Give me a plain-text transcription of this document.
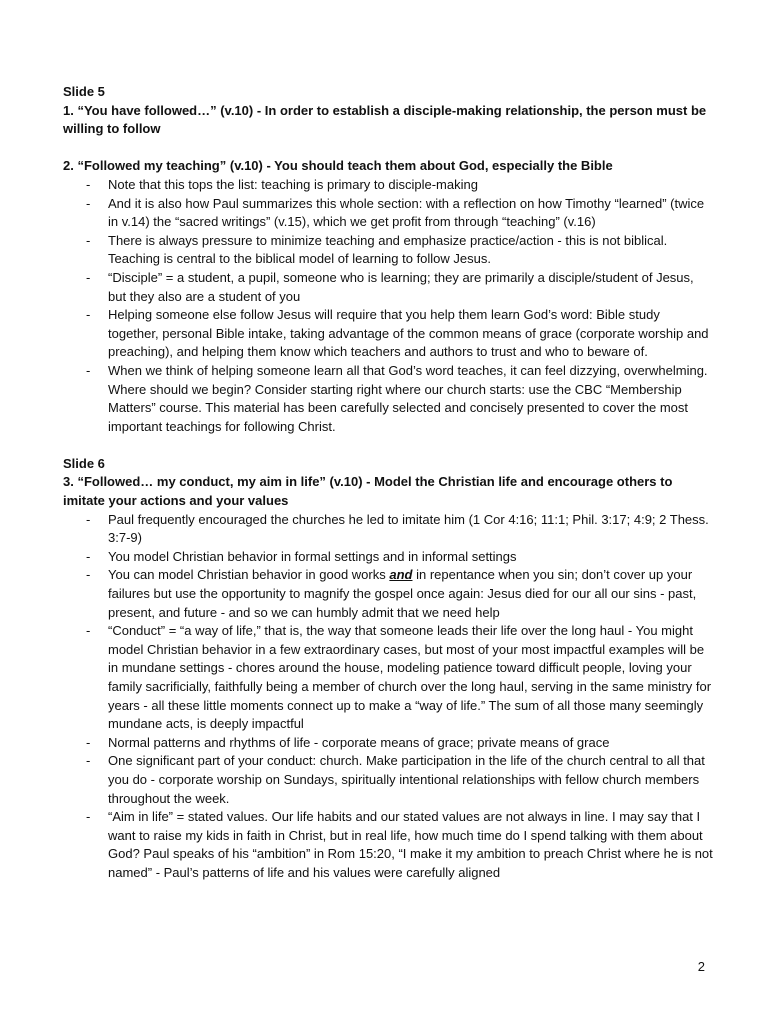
Slide 5

1. “You have followed…” (v.10) - In order to establish a disciple-making relationship, the person must be willing to follow

2. “Followed my teaching” (v.10) - You should teach them about God, especially the Bible

- Note that this tops the list: teaching is primary to disciple-making
- And it is also how Paul summarizes this whole section: with a reflection on how Timothy “learned” (twice in v.14) the “sacred writings” (v.15), which we get profit from through “teaching” (v.16)
- There is always pressure to minimize teaching and emphasize practice/action - this is not biblical. Teaching is central to the biblical model of learning to follow Jesus.
- “Disciple” = a student, a pupil, someone who is learning; they are primarily a disciple/student of Jesus, but they also are a student of you
- Helping someone else follow Jesus will require that you help them learn God’s word: Bible study together, personal Bible intake, taking advantage of the common means of grace (corporate worship and preaching), and helping them know which teachers and authors to trust and who to beware of.
- When we think of helping someone learn all that God’s word teaches, it can feel dizzying, overwhelming. Where should we begin? Consider starting right where our church starts: use the CBC “Membership Matters” course. This material has been carefully selected and concisely presented to cover the most important teachings for following Christ.

Slide 6

3. “Followed… my conduct, my aim in life” (v.10) - Model the Christian life and encourage others to imitate your actions and your values

- Paul frequently encouraged the churches he led to imitate him (1 Cor 4:16; 11:1; Phil. 3:17; 4:9; 2 Thess. 3:7-9)
- You model Christian behavior in formal settings and in informal settings
- You can model Christian behavior in good works and in repentance when you sin; don’t cover up your failures but use the opportunity to magnify the gospel once again: Jesus died for our all our sins - past, present, and future - and so we can humbly admit that we need help
- “Conduct” = “a way of life,” that is, the way that someone leads their life over the long haul - You might model Christian behavior in a few extraordinary cases, but most of your most impactful examples will be in mundane settings - chores around the house, modeling patience toward difficult people, loving your family sacrificially, faithfully being a member of church over the long haul, serving in the same ministry for years - all these little moments connect up to make a “way of life.” The sum of all those many seemingly mundane acts, is deeply impactful
- Normal patterns and rhythms of life - corporate means of grace; private means of grace
- One significant part of your conduct: church. Make participation in the life of the church central to all that you do - corporate worship on Sundays, spiritually intentional relationships with fellow church members throughout the week.
- “Aim in life” = stated values. Our life habits and our stated values are not always in line. I may say that I want to raise my kids in faith in Christ, but in real life, how much time do I spend talking with them about God? Paul speaks of his “ambition” in Rom 15:20, “I make it my ambition to preach Christ where he is not named” - Paul’s patterns of life and his values were carefully aligned
2
